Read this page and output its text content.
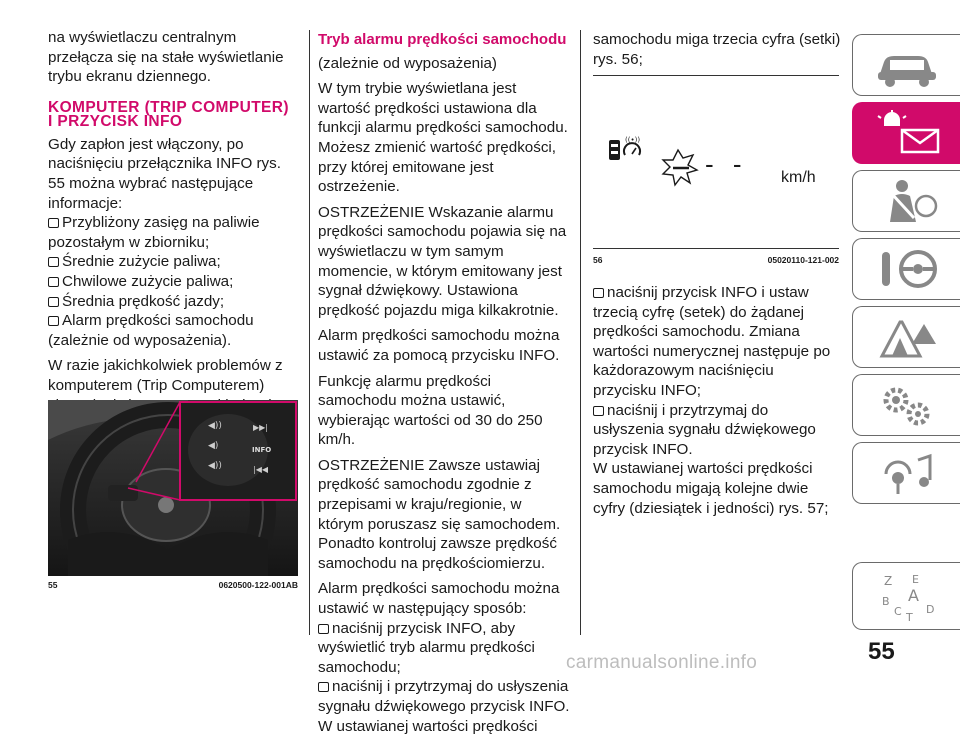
na wyświetlaczu centralnym przełącza się na stałe wyświetlanie trybu ekranu dziennego.

KOMPUTER (TRIP COMPUTER) I PRZYCISK INFO

Gdy zapłon jest włączony, po naciśnięciu przełącznika INFO rys. 55 można wybrać następujące informacje:

Przybliżony zasięg na paliwie pozostałym w zbiorniku;
Średnie zużycie paliwa;
Chwilowe zużycie paliwa;
Średnia prędkość jazdy;
Alarm prędkości samochodu (zależnie od wyposażenia).

W razie jakichkolwiek problemów z komputerem (Trip Computerem)

◀))
◀)
◀))
▶▶|
INFO
|◀◀
55	0620500-122-001AB
Tryb alarmu prędkości samochodu

(zależnie od wyposażenia)

W tym trybie wyświetlana jest wartość prędkości ustawiona dla funkcji alarmu prędkości samochodu. Możesz zmienić wartość prędkości, przy której emitowane jest ostrzeżenie.

OSTRZEŻENIE Wskazanie alarmu prędkości samochodu pojawia się na wyświetlaczu w tym samym momencie, w którym emitowany jest sygnał dźwiękowy. Ustawiona prędkość pojazdu miga kilkakrotnie.

Alarm prędkości samochodu można ustawić za pomocą przycisku INFO.

Funkcję alarmu prędkości samochodu można ustawić, wybierając wartości od 30 do 250 km/h.

OSTRZEŻENIE Zawsze ustawiaj prędkość samochodu zgodnie z przepisami w kraju/regionie, w którym poruszasz się samochodem. Ponadto kontroluj zawsze prędkość samochodu na prędkościomierzu.

Alarm prędkości samochodu można ustawić w następujący sposób:

naciśnij przycisk INFO, aby wyświetlić tryb alarmu prędkości samochodu;
naciśnij i przytrzymaj do usłyszenia sygnału dźwiękowego przycisk INFO.

W ustawianej wartości prędkości

samochodu miga trzecia cyfra (setki) rys. 56;

((•))
- - km/h
56	05020110-121-002
naciśnij przycisk INFO i ustaw trzecią cyfrę (setek) do żądanej prędkości samochodu. Zmiana wartości numerycznej następuje po każdorazowym naciśnięciu przycisku INFO;
naciśnij i przytrzymaj do usłyszenia sygnału dźwiękowego przycisk INFO.

W ustawianej wartości prędkości samochodu migają kolejne dwie cyfry (dziesiątek i jedności) rys. 57;

Z E
A
B
C D
T
55
carmanualsonline.info
